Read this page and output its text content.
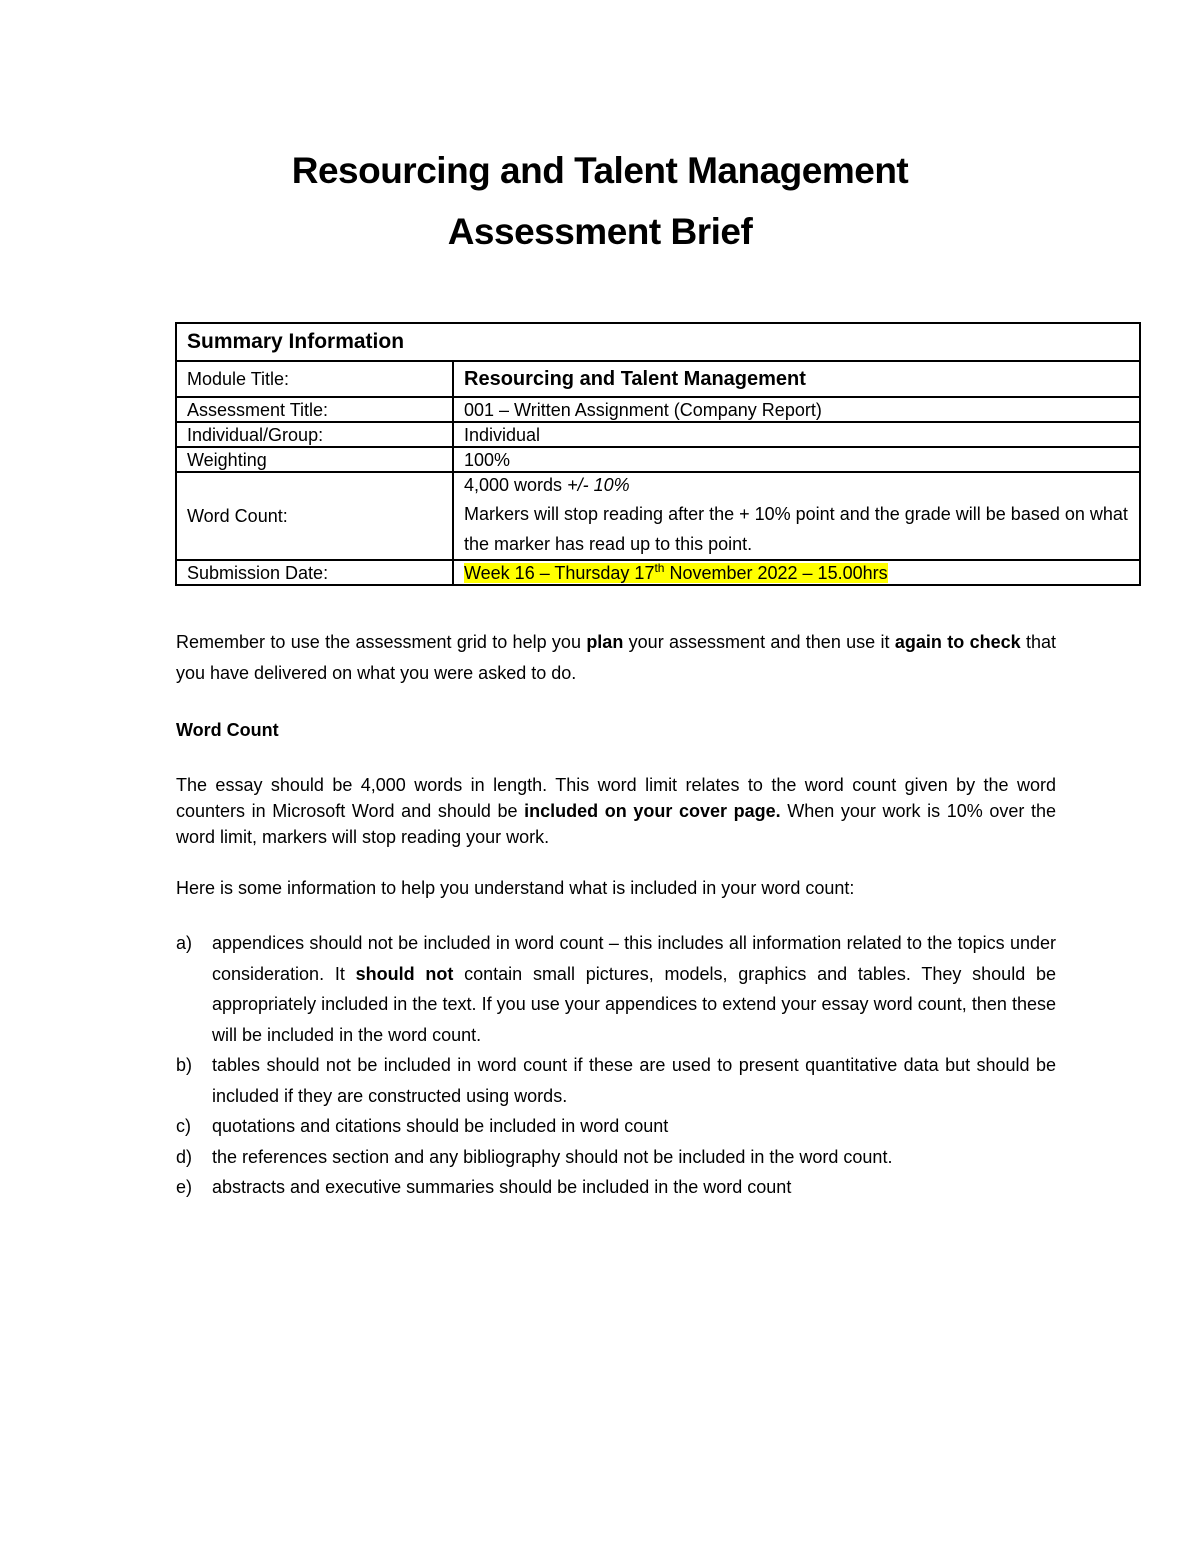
Resourcing and Talent Management
Assessment Brief
Summary Information	
Module Title:	Resourcing and Talent Management
Assessment Title:	001 – Written Assignment (Company Report)
Individual/Group:	Individual
Weighting	100%
Word Count:	4,000 words +/- 10%
Markers will stop reading after the + 10% point and the grade will be based on what the marker has read up to this point.

Submission Date:	Week 16 – Thursday 17th November 2022 – 15.00hrs

Remember to use the assessment grid to help you plan your assessment and then use it again to check that you have delivered on what you were asked to do.

Word Count

The essay should be 4,000 words in length. This word limit relates to the word count given by the word counters in Microsoft Word and should be included on your cover page. When your work is 10% over the word limit, markers will stop reading your work.

Here is some information to help you understand what is included in your word count:

a) appendices should not be included in word count – this includes all information related to the topics under consideration. It should not contain small pictures, models, graphics and tables. They should be appropriately included in the text. If you use your appendices to extend your essay word count, then these will be included in the word count.
b) tables should not be included in word count if these are used to present quantitative data but should be included if they are constructed using words.
c) quotations and citations should be included in word count
d) the references section and any bibliography should not be included in the word count.
e) abstracts and executive summaries should be included in the word count
